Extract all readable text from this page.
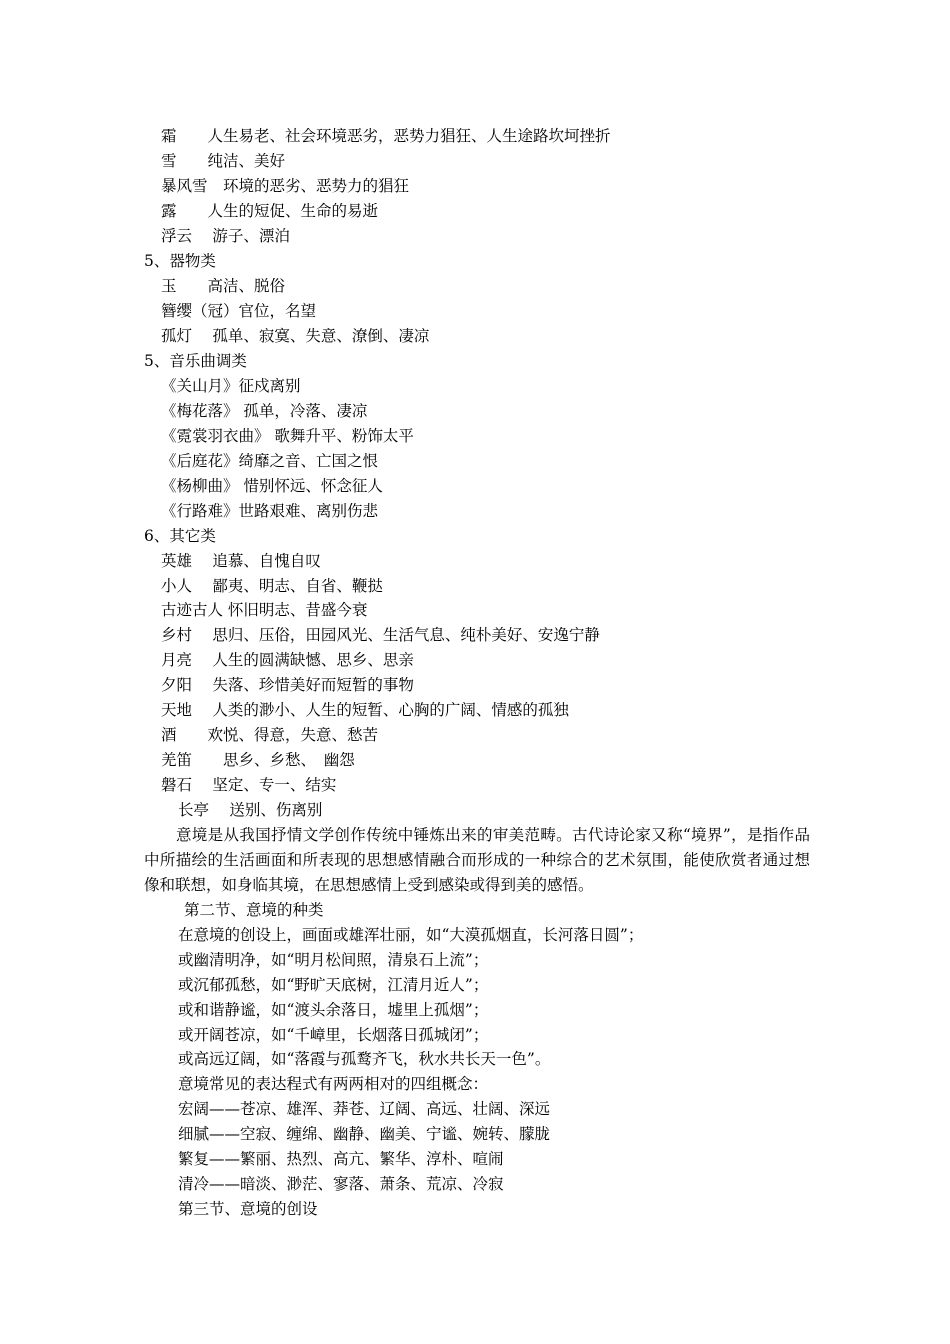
霜　　人生易老、社会环境恶劣，恶势力猖狂、人生途路坎坷挫折
雪　　纯洁、美好
暴风雪　环境的恶劣、恶势力的猖狂
露　　人生的短促、生命的易逝
浮云　 游子、漂泊
5、器物类
玉　　高洁、脱俗
簪缨（冠）官位，名望
孤灯　 孤单、寂寞、失意、潦倒、凄凉
5、音乐曲调类
《关山月》征戍离别
《梅花落》 孤单，冷落、凄凉
《霓裳羽衣曲》 歌舞升平、粉饰太平
《后庭花》绮靡之音、亡国之恨
《杨柳曲》 惜别怀远、怀念征人
《行路难》世路艰难、离别伤悲
6、其它类
英雄　 追慕、自愧自叹
小人　 鄙夷、明志、自省、鞭挞
古迹古人 怀旧明志、昔盛今衰
乡村　 思归、压俗，田园风光、生活气息、纯朴美好、安逸宁静
月亮　 人生的圆满缺憾、思乡、思亲
夕阳　 失落、珍惜美好而短暂的事物
天地　 人类的渺小、人生的短暂、心胸的广阔、情感的孤独
酒　　欢悦、得意，失意、愁苦
羌笛　　思乡、乡愁、　幽怨
磐石　 坚定、专一、结实
长亭　 送别、伤离别
意境是从我国抒情文学创作传统中锤炼出来的审美范畴。古代诗论家又称“境界”，是指作品中所描绘的生活画面和所表现的思想感情融合而形成的一种综合的艺术氛围，能使欣赏者通过想像和联想，如身临其境，在思想感情上受到感染或得到美的感悟。
第二节、意境的种类
在意境的创设上，画面或雄浑壮丽，如“大漠孤烟直，长河落日圆”；
或幽清明净，如“明月松间照，清泉石上流”；
或沉郁孤愁，如“野旷天底树，江清月近人”；
或和谐静谧，如“渡头余落日，墟里上孤烟”；
或开阔苍凉，如“千嶂里，长烟落日孤城闭”；
或高远辽阔，如“落霞与孤鹜齐飞，秋水共长天一色”。
意境常见的表达程式有两两相对的四组概念：
宏阔——苍凉、雄浑、莽苍、辽阔、高远、壮阔、深远
细腻——空寂、缠绵、幽静、幽美、宁谧、婉转、朦胧
繁复——繁丽、热烈、高亢、繁华、淳朴、喧闹
清冷——暗淡、渺茫、寥落、萧条、荒凉、冷寂
第三节、意境的创设
